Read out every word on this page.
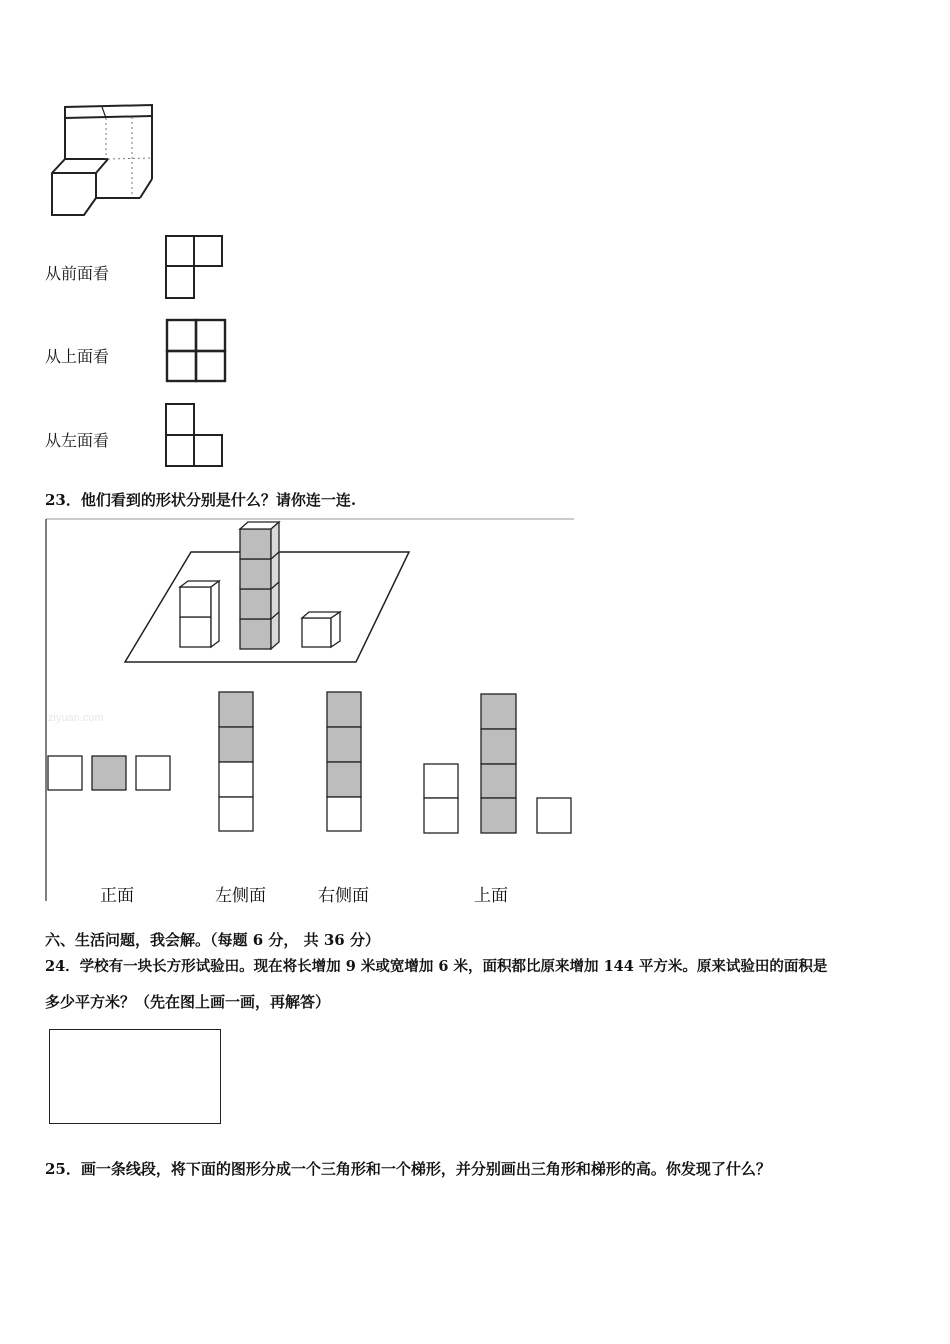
从前面看
从上面看
从左面看
23．他们看到的形状分别是什么？请你连一连.
ziyuan.com
正面	左侧面	右侧面	上面
六、生活问题，我会解。（每题 6 分， 共 36 分）
24．学校有一块长方形试验田。现在将长增加 9 米或宽增加 6 米，面积都比原来增加 144 平方米。原来试验田的面积是
多少平方米？（先在图上画一画，再解答）
25．画一条线段，将下面的图形分成一个三角形和一个梯形，并分别画出三角形和梯形的高。你发现了什么？
